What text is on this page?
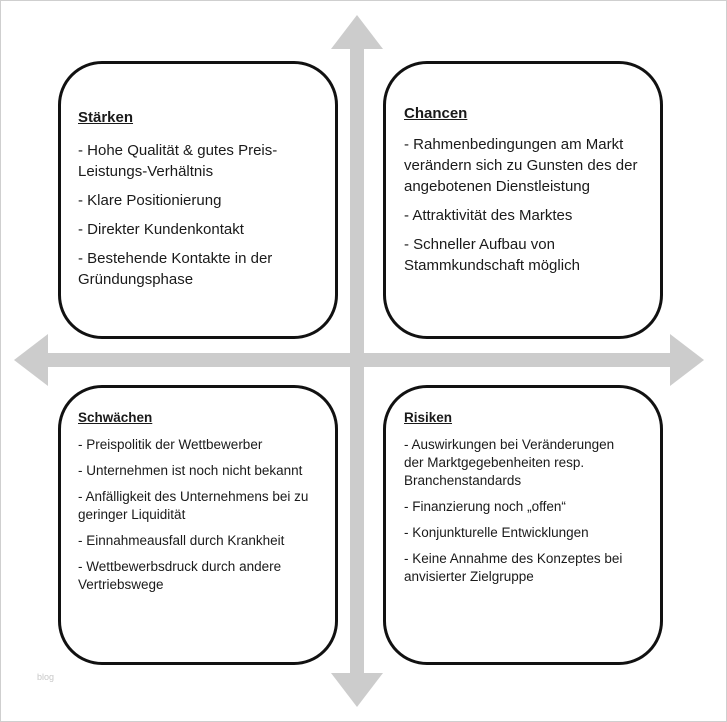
Stärken
- Hohe Qualität & gutes Preis-Leistungs-Verhältnis
- Klare Positionierung
- Direkter Kundenkontakt
- Bestehende Kontakte in der Gründungsphase
Chancen
- Rahmenbedingungen am Markt verändern sich zu Gunsten des der angebotenen Dienstleistung
- Attraktivität des Marktes
- Schneller Aufbau von Stammkundschaft möglich
Schwächen
- Preispolitik der Wettbewerber
- Unternehmen ist noch nicht bekannt
- Anfälligkeit des Unternehmens bei zu geringer Liquidität
- Einnahmeausfall durch Krankheit
- Wettbewerbsdruck durch andere Vertriebswege
Risiken
- Auswirkungen bei Veränderungen der Marktgegebenheiten resp. Branchenstandards
- Finanzierung noch „offen“
- Konjunkturelle Entwicklungen
- Keine Annahme des Konzeptes bei anvisierter Zielgruppe
blog
